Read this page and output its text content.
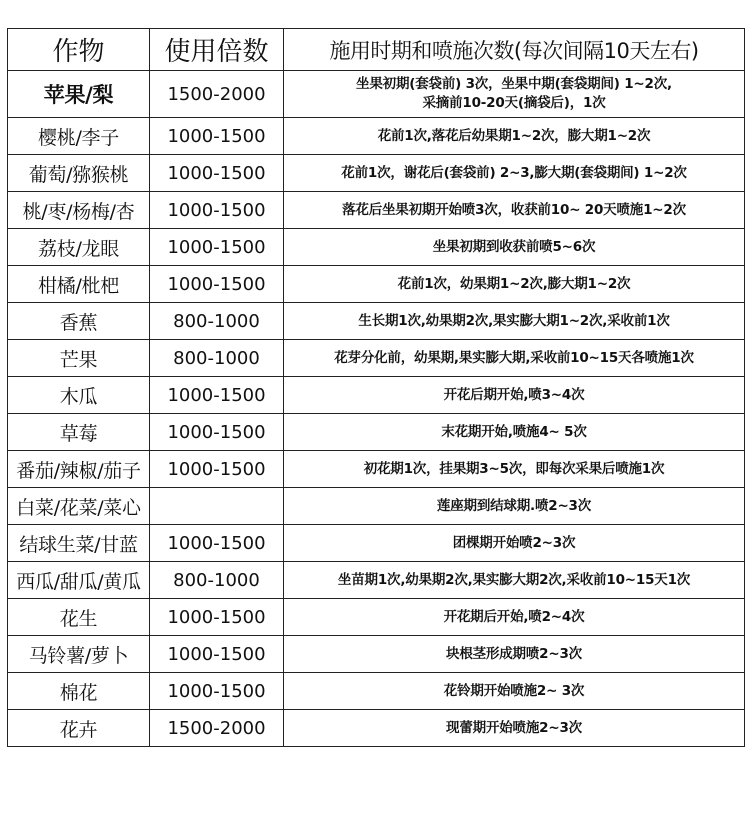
作物	使用倍数	施用时期和喷施次数(每次间隔10天左右)
苹果/梨	1500-2000	坐果初期(套袋前) 3次，坐果中期(套袋期间) 1~2次,
采摘前10-20天(摘袋后)，1次

樱桃/李子	1000-1500	花前1次,落花后幼果期1~2次，膨大期1~2次
葡萄/猕猴桃	1000-1500	花前1次，谢花后(套袋前) 2~3,膨大期(套袋期间) 1~2次
桃/枣/杨梅/杏	1000-1500	落花后坐果初期开始喷3次，收获前10~ 20天喷施1~2次
荔枝/龙眼	1000-1500	坐果初期到收获前喷5~6次
柑橘/枇杷	1000-1500	花前1次，幼果期1~2次,膨大期1~2次
香蕉	800-1000	生长期1次,幼果期2次,果实膨大期1~2次,采收前1次
芒果	800-1000	花芽分化前，幼果期,果实膨大期,采收前10~15天各喷施1次
木瓜	1000-1500	开花后期开始,喷3~4次
草莓	1000-1500	末花期开始,喷施4~ 5次
番茄/辣椒/茄子	1000-1500	初花期1次，挂果期3~5次，即每次采果后喷施1次
白菜/花菜/菜心		莲座期到结球期.喷2~3次
结球生菜/甘蓝	1000-1500	团棵期开始喷2~3次
西瓜/甜瓜/黄瓜	800-1000	坐苗期1次,幼果期2次,果实膨大期2次,采收前10~15天1次
花生	1000-1500	开花期后开始,喷2~4次
马铃薯/萝卜	1000-1500	块根茎形成期喷2~3次
棉花	1000-1500	花铃期开始喷施2~ 3次
花卉	1500-2000	现蕾期开始喷施2~3次
